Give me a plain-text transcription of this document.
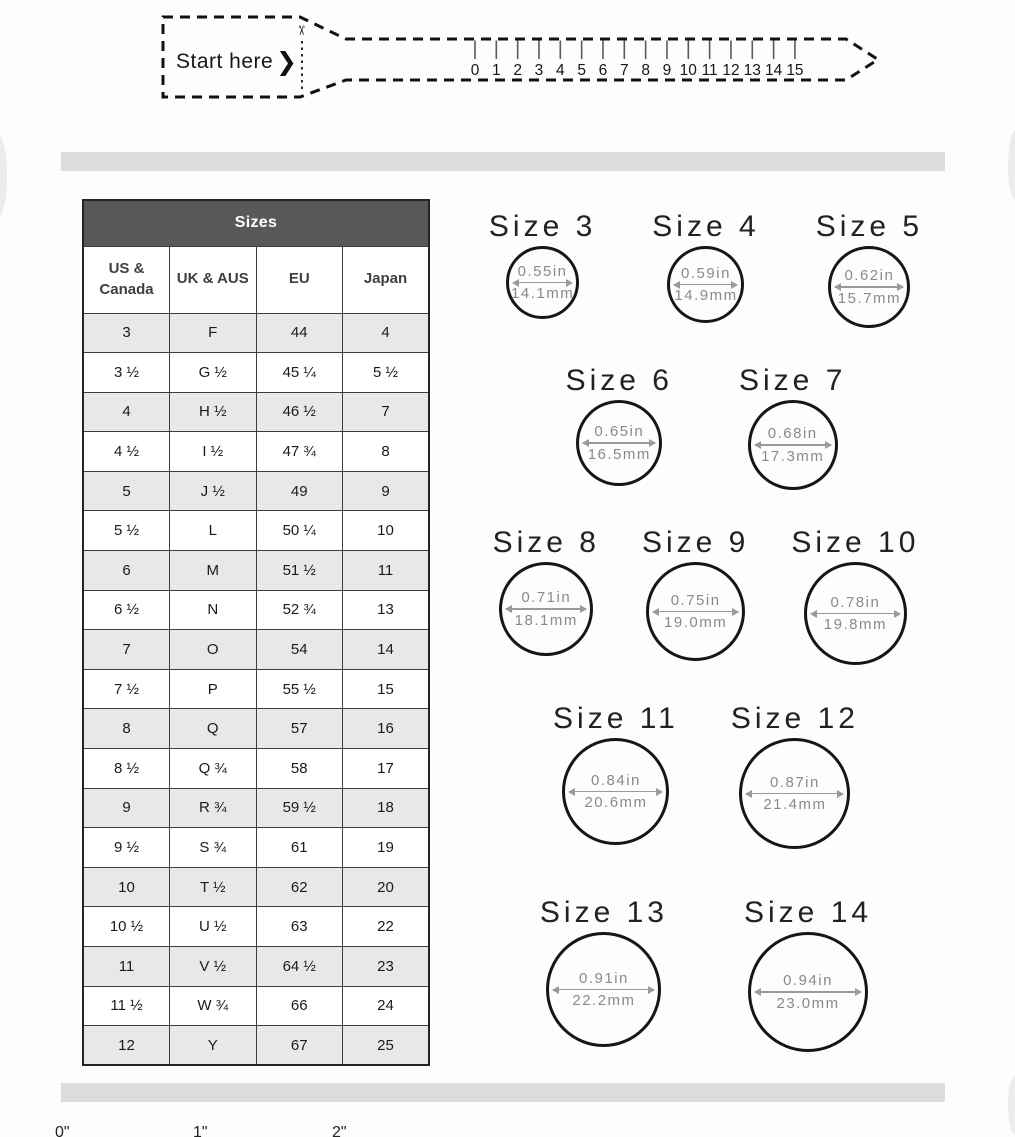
✂
Start here ❯	0 1 2 3 4 5 6 7 8 9 10 11 12 13 14 15
Sizes			
US & Canada	UK & AUS	EU	Japan
3	F	44	4
3 ½	G ½	45 ¼	5 ½
4	H ½	46 ½	7
4 ½	I ½	47 ¾	8
5	J ½	49	9
5 ½	L	50 ¼	10
6	M	51 ½	11
6 ½	N	52 ¾	13
7	O	54	14
7 ½	P	55 ½	15
8	Q	57	16
8 ½	Q ¾	58	17
9	R ¾	59 ½	18
9 ½	S ¾	61	19
10	T ½	62	20
10 ½	U ½	63	22
11	V ½	64 ½	23
11 ½	W ¾	66	24
12	Y	67	25
Size 3
0.55in
14.1mm
Size 4
0.59in
14.9mm
Size 5
0.62in
15.7mm
Size 6
0.65in
16.5mm
Size 7
0.68in
17.3mm
Size 8
0.71in
18.1mm
Size 9
0.75in
19.0mm
Size 10
0.78in
19.8mm
Size 11
0.84in
20.6mm
Size 12
0.87in
21.4mm
Size 13
0.91in
22.2mm
Size 14
0.94in
23.0mm
0"	1"	2"
